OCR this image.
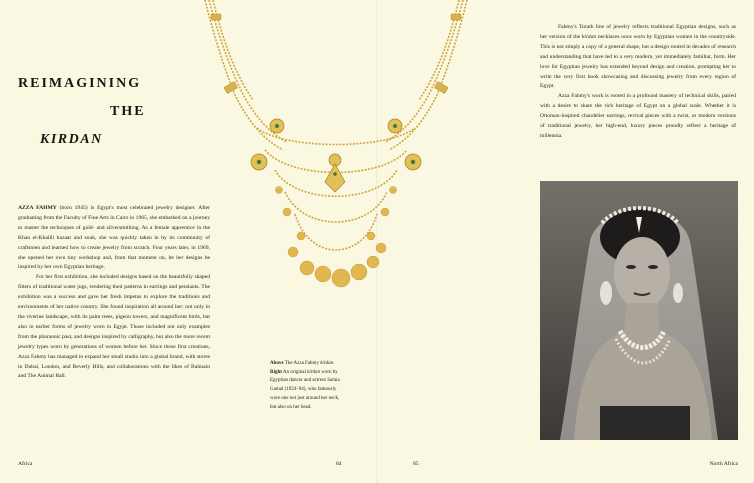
REIMAGINING
THE
KIRDAN

AZZA FAHMY (born 1945) is Egypt's most celebrated jewelry designer. After graduating from the Faculty of Fine Arts in Cairo in 1965, she embarked on a journey to master the techniques of gold- and silversmithing. As a female apprentice in the Khan el-Khalili bazaar and souk, she was quickly taken in by its community of craftsmen and learned how to create jewelry from scratch. Four years later, in 1969, she opened her own tiny workshop and, from that moment on, let her designs be inspired by her own Egyptian heritage.

For her first exhibition, she included designs based on the beautifully shaped filters of traditional water jugs, rendering their patterns in earrings and pendants. The exhibition was a success and gave her fresh impetus to explore the traditions and environments of her native country. She found inspiration all around her: not only in the riverine landscape, with its palm trees, pigeon towers, and magnificent birds, but also in earlier forms of jewelry worn in Egypt. Those included not only examples from the pharaonic past, and designs inspired by calligraphy, but also the more recent jewelry types worn by generations of women before her. Since those first creations, Azza Fahmy has managed to expand her small studio into a global brand, with stores in Dubai, London, and Beverly Hills, and collaborations with the likes of Balmain and The Animal Ball.

Above The Azza Fahmy kirdan. Right An original kirdan worn by Egyptian dancer and actress Samia Gamal (1924–94), who famously wore one not just around her neck, but also on her head.

Fahmy's Turath line of jewelry reflects traditional Egyptian designs, such as her version of the kirdan necklaces once worn by Egyptian women in the countryside. This is not simply a copy of a general shape, but a design rooted in decades of research and understanding that have led to a very modern, yet immediately familiar, form. Her love for Egyptian jewelry has extended beyond design and creation, prompting her to write the very first book showcasing and discussing jewelry from every region of Egypt.

Azza Fahmy's work is rooted in a profound mastery of technical skills, paired with a desire to share the rich heritage of Egypt on a global scale. Whether it is Ottoman-inspired chandelier earrings, revival pieces with a twist, or modern versions of traditional jewelry, her high-end, luxury pieces proudly reflect a heritage of millennia.

Africa	84	85	North Africa
